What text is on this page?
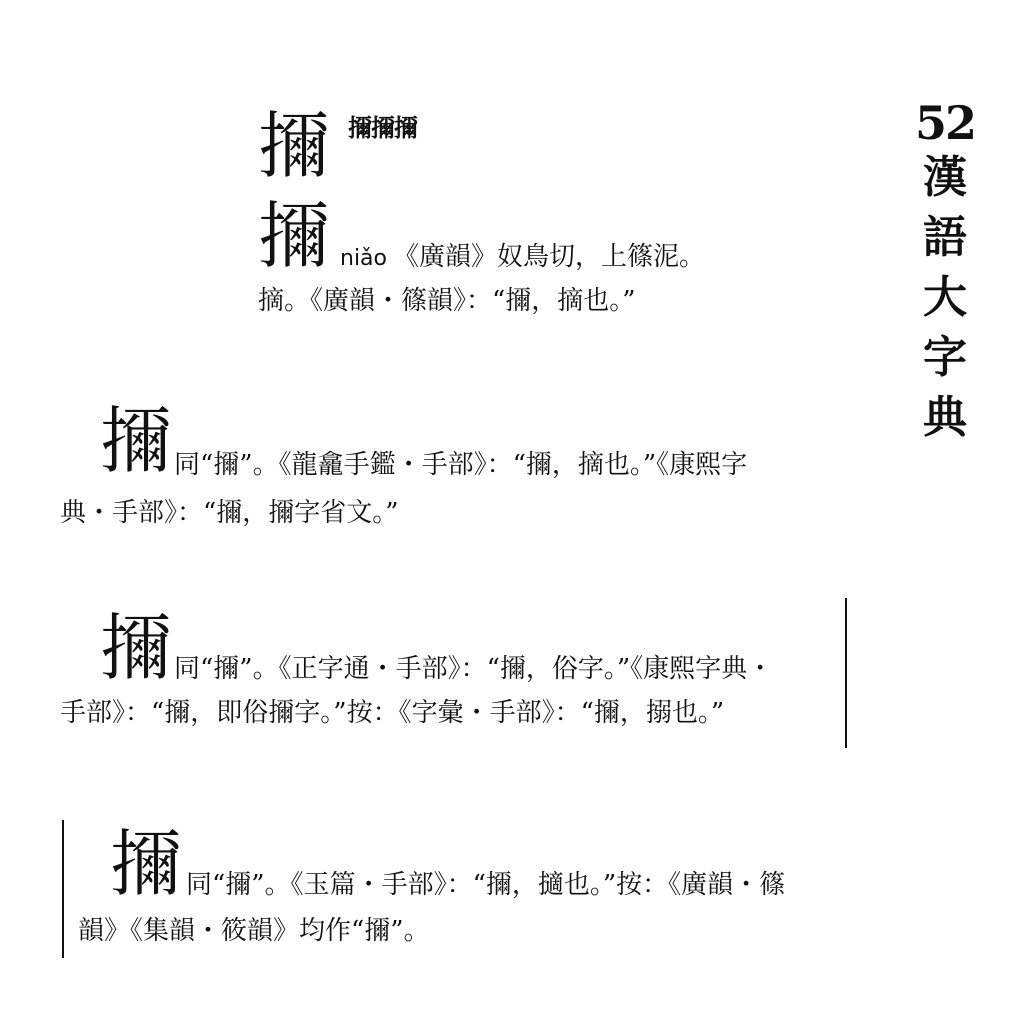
52
漢
語
大
字
典
擟 擟擟擟
擟 niǎo 《廣韻》奴鳥切，上篠泥。
摘。《廣韻・篠韻》：“擟，摘也。”
擟 同“擟”。《龍龕手鑑・手部》：“擟，摘也。”《康熙字
典・手部》：“擟，擟字省文。”
擟 同“擟”。《正字通・手部》：“擟，俗字。”《康熙字典・
手部》：“擟，即俗擟字。”按：《字彙・手部》：“擟，搦也。”
擟 同“擟”。《玉篇・手部》：“擟，擿也。”按：《廣韻・篠
韻》《集韻・筱韻》均作“擟”。
